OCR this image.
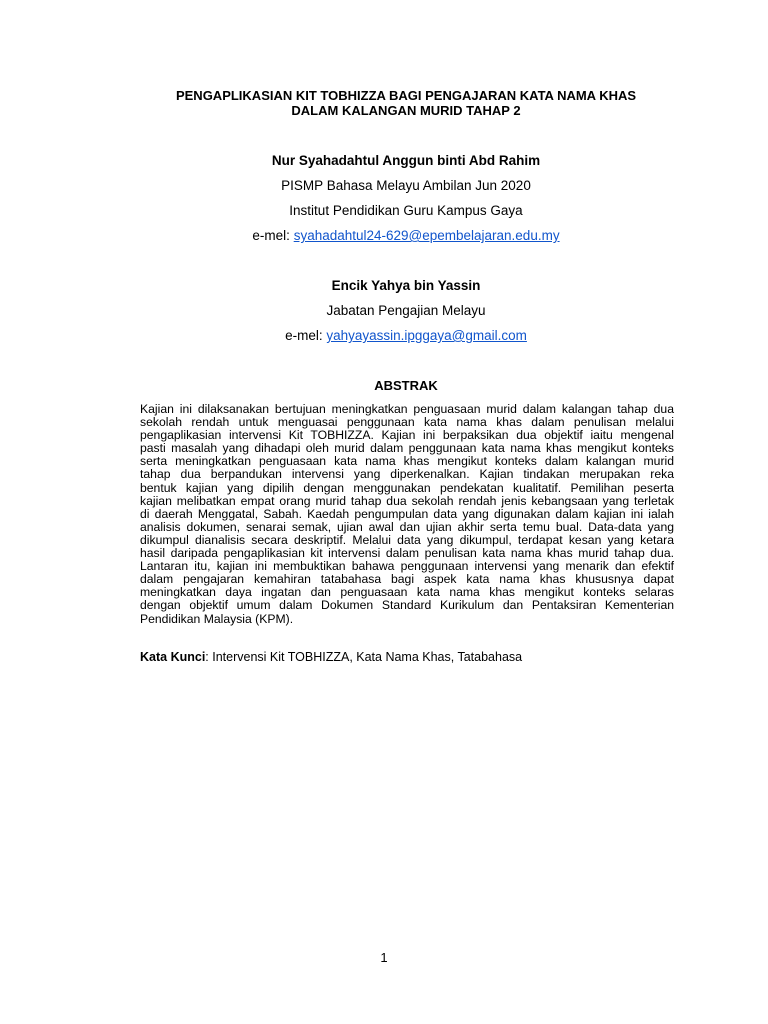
PENGAPLIKASIAN KIT TOBHIZZA BAGI PENGAJARAN KATA NAMA KHAS
DALAM KALANGAN MURID TAHAP 2
Nur Syahadahtul Anggun binti Abd Rahim
PISMP Bahasa Melayu Ambilan Jun 2020
Institut Pendidikan Guru Kampus Gaya
e-mel: syahadahtul24-629@epembelajaran.edu.my
Encik Yahya bin Yassin
Jabatan Pengajian Melayu
e-mel: yahyayassin.ipggaya@gmail.com
ABSTRAK
Kajian ini dilaksanakan bertujuan meningkatkan penguasaan murid dalam kalangan tahap dua
sekolah rendah untuk menguasai penggunaan kata nama khas dalam penulisan melalui
pengaplikasian intervensi Kit TOBHIZZA. Kajian ini berpaksikan dua objektif iaitu mengenal
pasti masalah yang dihadapi oleh murid dalam penggunaan kata nama khas mengikut konteks
serta meningkatkan penguasaan kata nama khas mengikut konteks dalam kalangan murid
tahap dua berpandukan intervensi yang diperkenalkan. Kajian tindakan merupakan reka
bentuk kajian yang dipilih dengan menggunakan pendekatan kualitatif. Pemilihan peserta
kajian melibatkan empat orang murid tahap dua sekolah rendah jenis kebangsaan yang terletak
di daerah Menggatal, Sabah. Kaedah pengumpulan data yang digunakan dalam kajian ini ialah
analisis dokumen, senarai semak, ujian awal dan ujian akhir serta temu bual. Data-data yang
dikumpul dianalisis secara deskriptif. Melalui data yang dikumpul, terdapat kesan yang ketara
hasil daripada pengaplikasian kit intervensi dalam penulisan kata nama khas murid tahap dua.
Lantaran itu, kajian ini membuktikan bahawa penggunaan intervensi yang menarik dan efektif
dalam pengajaran kemahiran tatabahasa bagi aspek kata nama khas khususnya dapat
meningkatkan daya ingatan dan penguasaan kata nama khas mengikut konteks selaras
dengan objektif umum dalam Dokumen Standard Kurikulum dan Pentaksiran Kementerian
Pendidikan Malaysia (KPM).
Kata Kunci: Intervensi Kit TOBHIZZA, Kata Nama Khas, Tatabahasa
1
